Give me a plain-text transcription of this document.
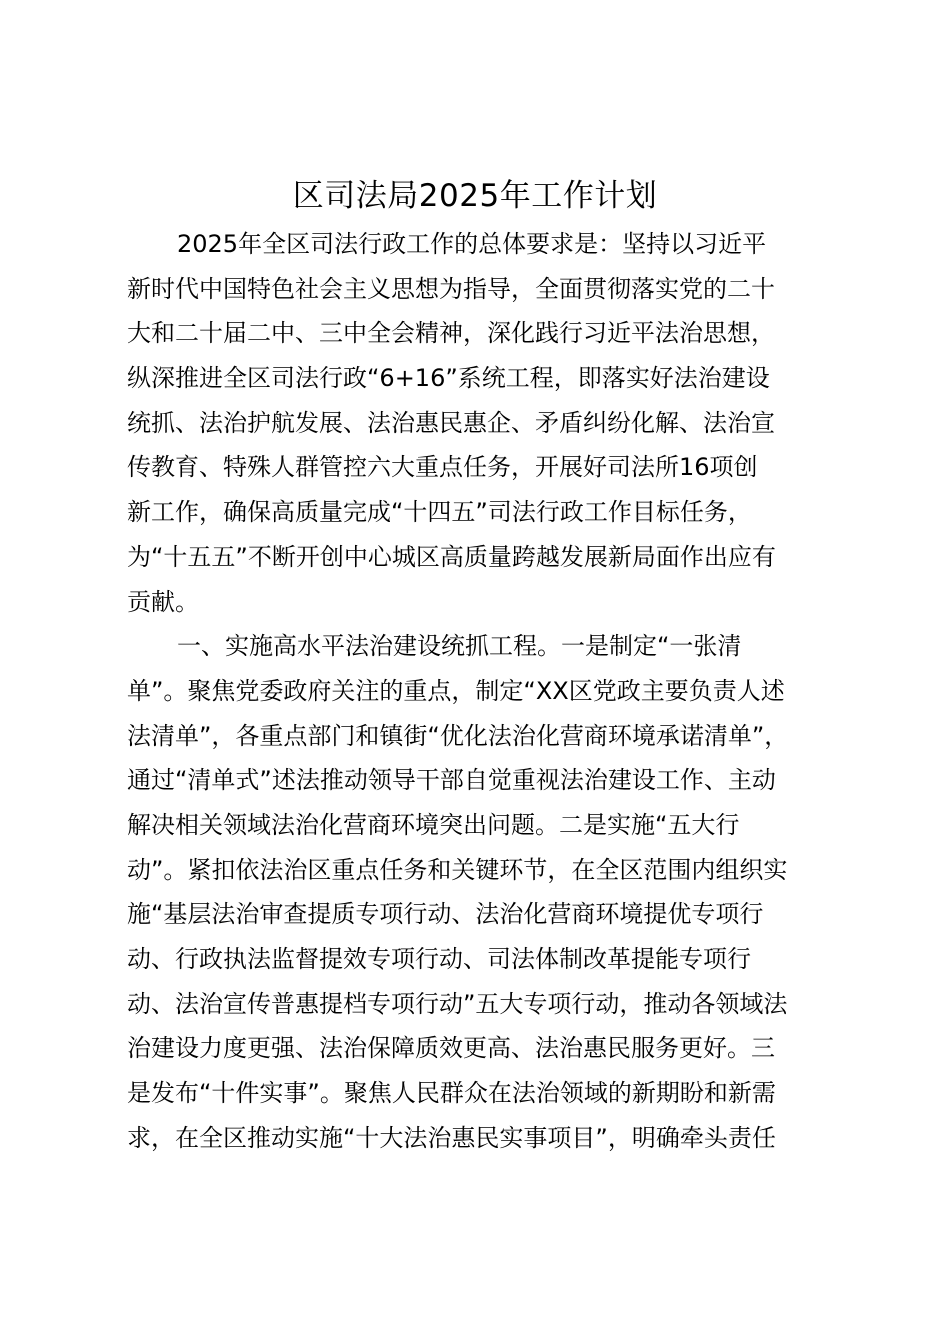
区司法局2025年工作计划
2025年全区司法行政工作的总体要求是：坚持以习近平
新时代中国特色社会主义思想为指导，全面贯彻落实党的二十
大和二十届二中、三中全会精神，深化践行习近平法治思想，
纵深推进全区司法行政“6+16”系统工程，即落实好法治建设
统抓、法治护航发展、法治惠民惠企、矛盾纠纷化解、法治宣
传教育、特殊人群管控六大重点任务，开展好司法所16项创
新工作，确保高质量完成“十四五”司法行政工作目标任务，
为“十五五”不断开创中心城区高质量跨越发展新局面作出应有
贡献。
一、实施高水平法治建设统抓工程。一是制定“一张清
单”。聚焦党委政府关注的重点，制定“XX区党政主要负责人述
法清单”，各重点部门和镇街“优化法治化营商环境承诺清单”，
通过“清单式”述法推动领导干部自觉重视法治建设工作、主动
解决相关领域法治化营商环境突出问题。二是实施“五大行
动”。紧扣依法治区重点任务和关键环节，在全区范围内组织实
施“基层法治审查提质专项行动、法治化营商环境提优专项行
动、行政执法监督提效专项行动、司法体制改革提能专项行
动、法治宣传普惠提档专项行动”五大专项行动，推动各领域法
治建设力度更强、法治保障质效更高、法治惠民服务更好。三
是发布“十件实事”。聚焦人民群众在法治领域的新期盼和新需
求，在全区推动实施“十大法治惠民实事项目”，明确牵头责任
